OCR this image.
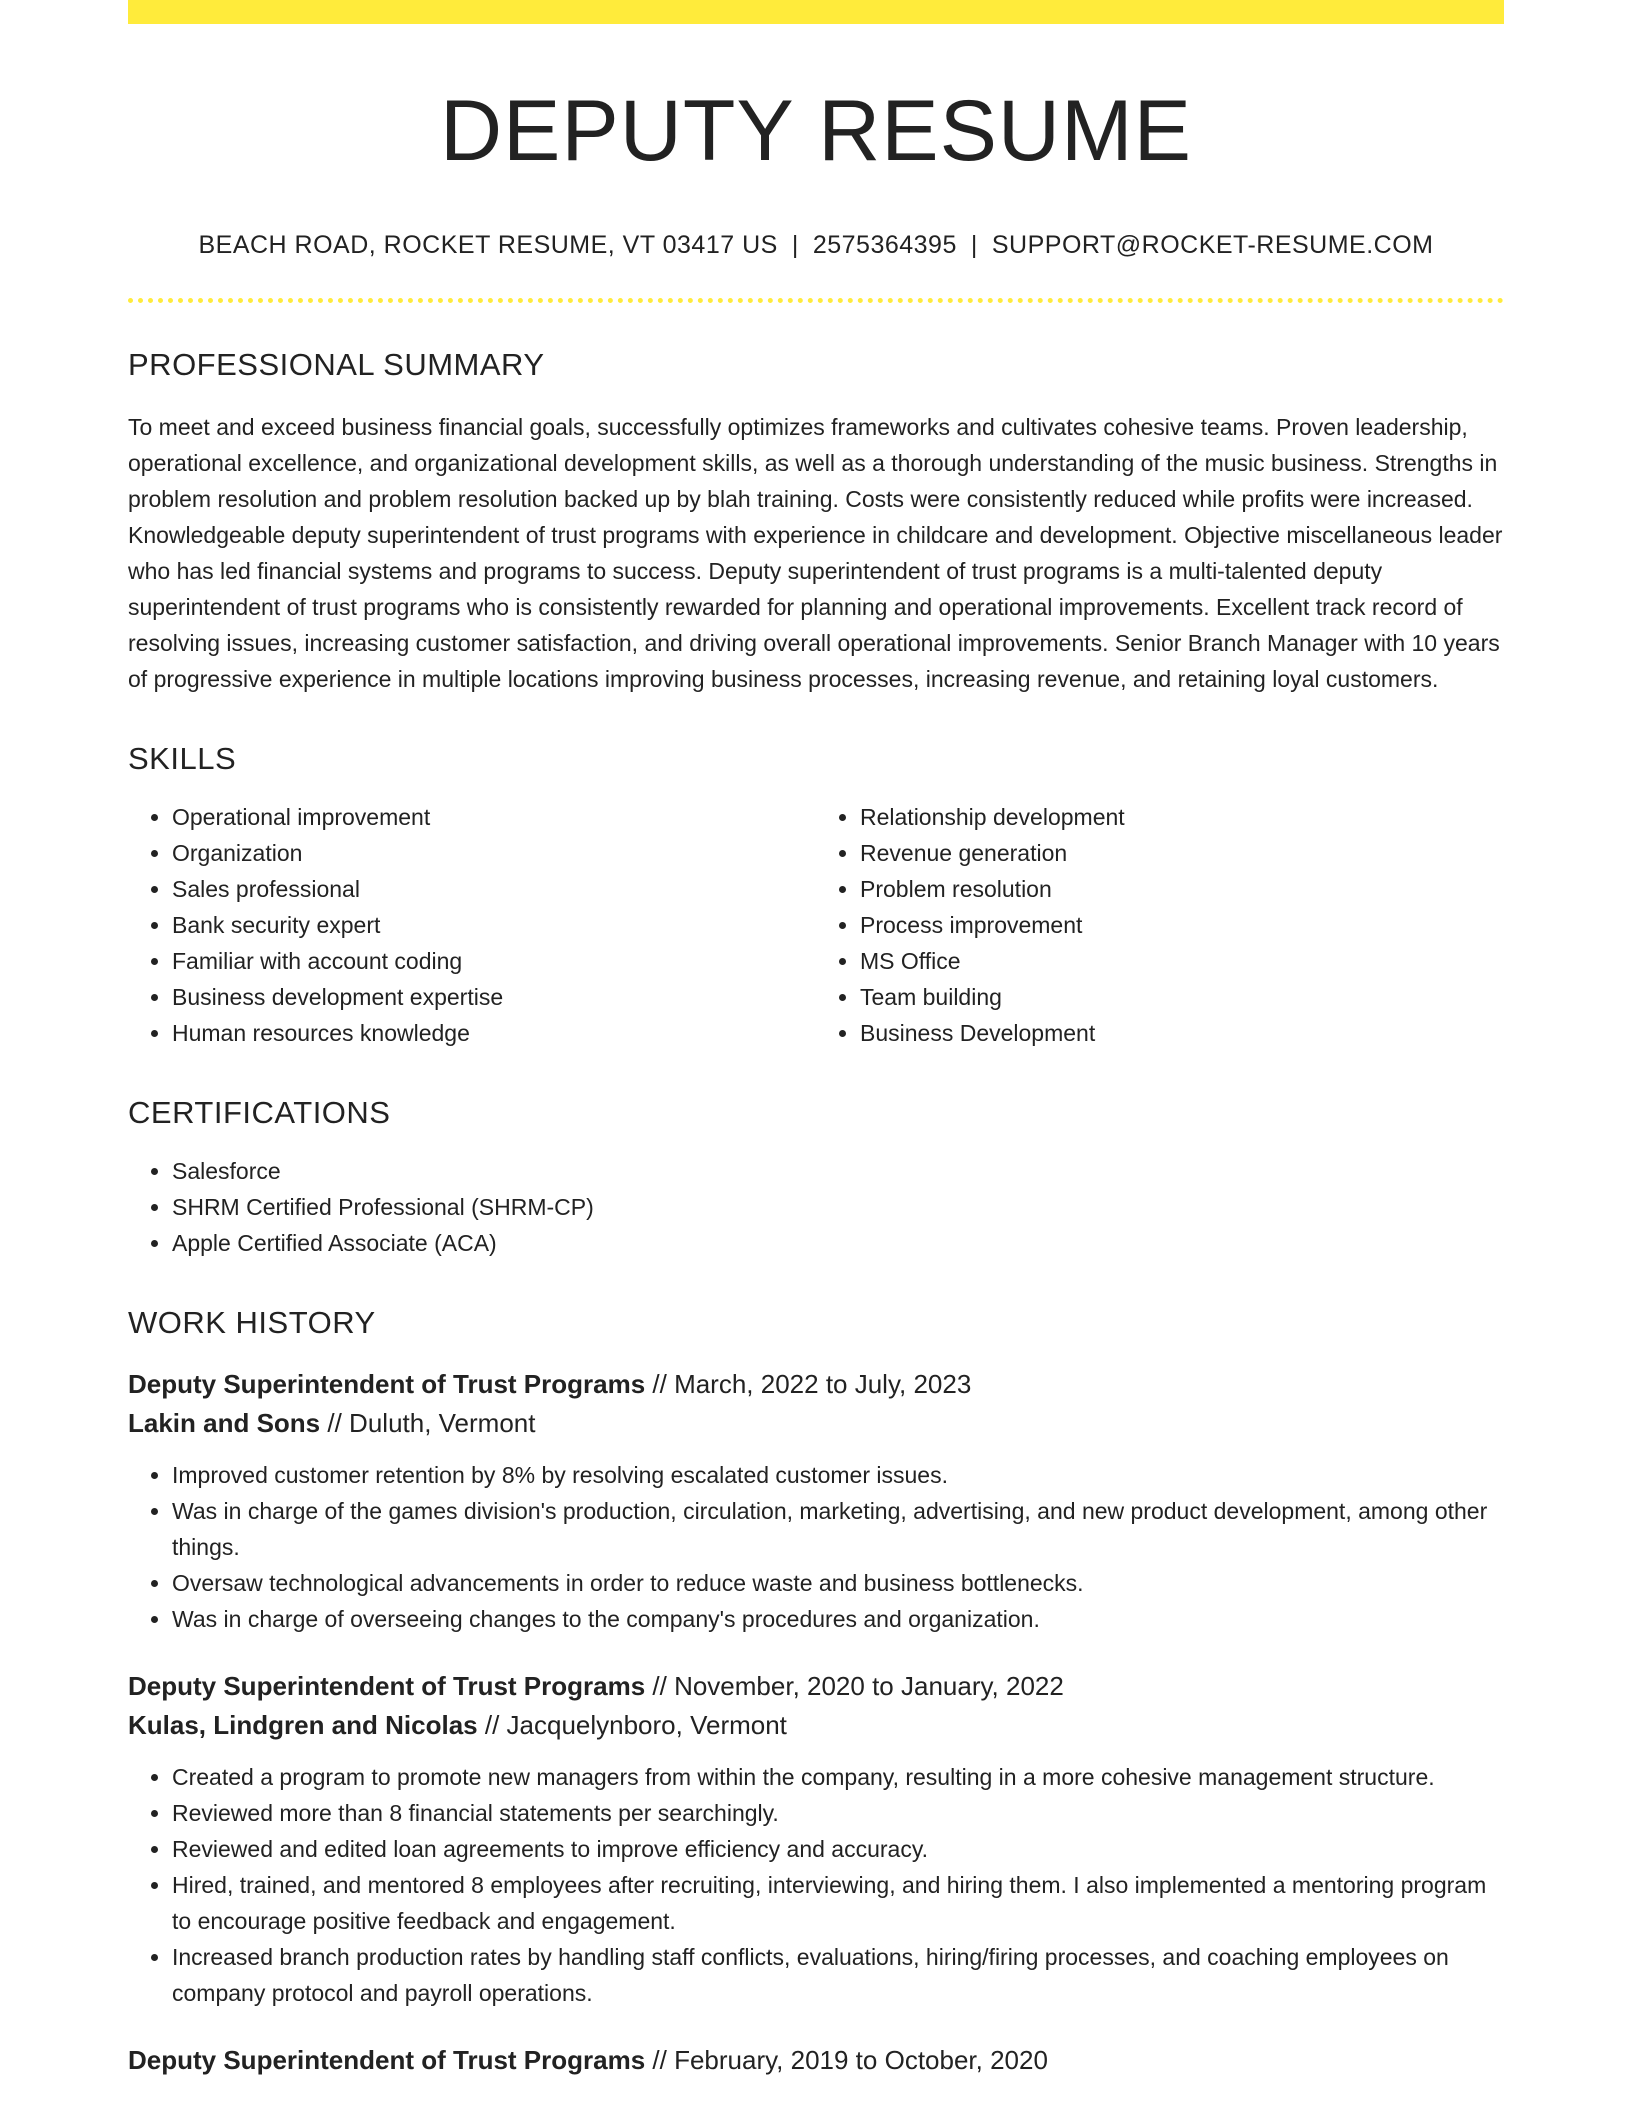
DEPUTY RESUME
BEACH ROAD, ROCKET RESUME, VT 03417 US | 2575364395 | SUPPORT@ROCKET-RESUME.COM
PROFESSIONAL SUMMARY

To meet and exceed business financial goals, successfully optimizes frameworks and cultivates cohesive teams. Proven leadership, operational excellence, and organizational development skills, as well as a thorough understanding of the music business. Strengths in problem resolution and problem resolution backed up by blah training. Costs were consistently reduced while profits were increased. Knowledgeable deputy superintendent of trust programs with experience in childcare and development. Objective miscellaneous leader who has led financial systems and programs to success. Deputy superintendent of trust programs is a multi-talented deputy superintendent of trust programs who is consistently rewarded for planning and operational improvements. Excellent track record of resolving issues, increasing customer satisfaction, and driving overall operational improvements. Senior Branch Manager with 10 years of progressive experience in multiple locations improving business processes, increasing revenue, and retaining loyal customers.

SKILLS
• Operational improvement
• Organization
• Sales professional
• Bank security expert
• Familiar with account coding
• Business development expertise
• Human resources knowledge
• Relationship development
• Revenue generation
• Problem resolution
• Process improvement
• MS Office
• Team building
• Business Development
CERTIFICATIONS
• Salesforce
• SHRM Certified Professional (SHRM-CP)
• Apple Certified Associate (ACA)
WORK HISTORY
Deputy Superintendent of Trust Programs // March, 2022 to July, 2023
Lakin and Sons // Duluth, Vermont
• Improved customer retention by 8% by resolving escalated customer issues.
• Was in charge of the games division's production, circulation, marketing, advertising, and new product development, among other things.
• Oversaw technological advancements in order to reduce waste and business bottlenecks.
• Was in charge of overseeing changes to the company's procedures and organization.
Deputy Superintendent of Trust Programs // November, 2020 to January, 2022
Kulas, Lindgren and Nicolas // Jacquelynboro, Vermont
• Created a program to promote new managers from within the company, resulting in a more cohesive management structure.
• Reviewed more than 8 financial statements per searchingly.
• Reviewed and edited loan agreements to improve efficiency and accuracy.
• Hired, trained, and mentored 8 employees after recruiting, interviewing, and hiring them. I also implemented a mentoring program to encourage positive feedback and engagement.
• Increased branch production rates by handling staff conflicts, evaluations, hiring/firing processes, and coaching employees on company protocol and payroll operations.
Deputy Superintendent of Trust Programs // February, 2019 to October, 2020
